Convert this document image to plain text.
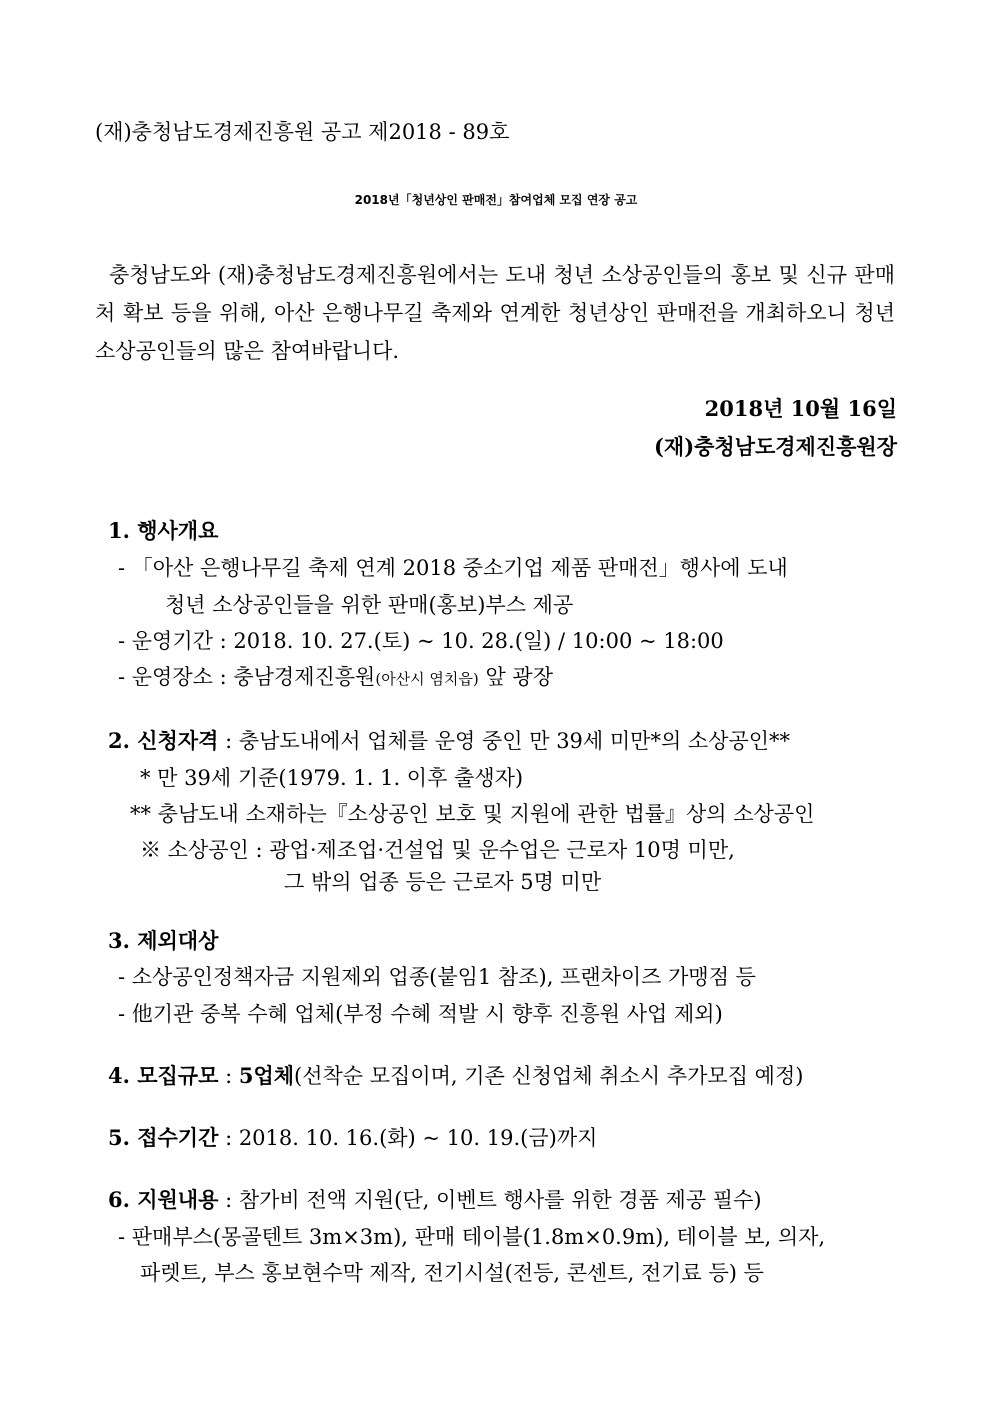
(재)충청남도경제진흥원 공고 제2018 - 89호
2018년「청년상인 판매전」참여업체 모집 연장 공고
충청남도와 (재)충청남도경제진흥원에서는 도내 청년 소상공인들의 홍보 및 신규 판매처 확보 등을 위해, 아산 은행나무길 축제와 연계한 청년상인 판매전을 개최하오니 청년 소상공인들의 많은 참여바랍니다.
2018년 10월 16일
(재)충청남도경제진흥원장
1. 행사개요
- 「아산 은행나무길 축제 연계 2018 중소기업 제품 판매전」행사에 도내
청년 소상공인들을 위한 판매(홍보)부스 제공
- 운영기간 : 2018. 10. 27.(토) ~ 10. 28.(일) / 10:00 ~ 18:00
- 운영장소 : 충남경제진흥원(아산시 염치읍) 앞 광장
2. 신청자격 : 충남도내에서 업체를 운영 중인 만 39세 미만*의 소상공인**
* 만 39세 기준(1979. 1. 1. 이후 출생자)
** 충남도내 소재하는『소상공인 보호 및 지원에 관한 법률』상의 소상공인
※ 소상공인 : 광업·제조업·건설업 및 운수업은 근로자 10명 미만,
그 밖의 업종 등은 근로자 5명 미만
3. 제외대상
- 소상공인정책자금 지원제외 업종(붙임1 참조), 프랜차이즈 가맹점 등
- 他기관 중복 수혜 업체(부정 수혜 적발 시 향후 진흥원 사업 제외)
4. 모집규모 : 5업체(선착순 모집이며, 기존 신청업체 취소시 추가모집 예정)
5. 접수기간 : 2018. 10. 16.(화) ~ 10. 19.(금)까지
6. 지원내용 : 참가비 전액 지원(단, 이벤트 행사를 위한 경품 제공 필수)
- 판매부스(몽골텐트 3m×3m), 판매 테이블(1.8m×0.9m), 테이블 보, 의자,
파렛트, 부스 홍보현수막 제작, 전기시설(전등, 콘센트, 전기료 등) 등
